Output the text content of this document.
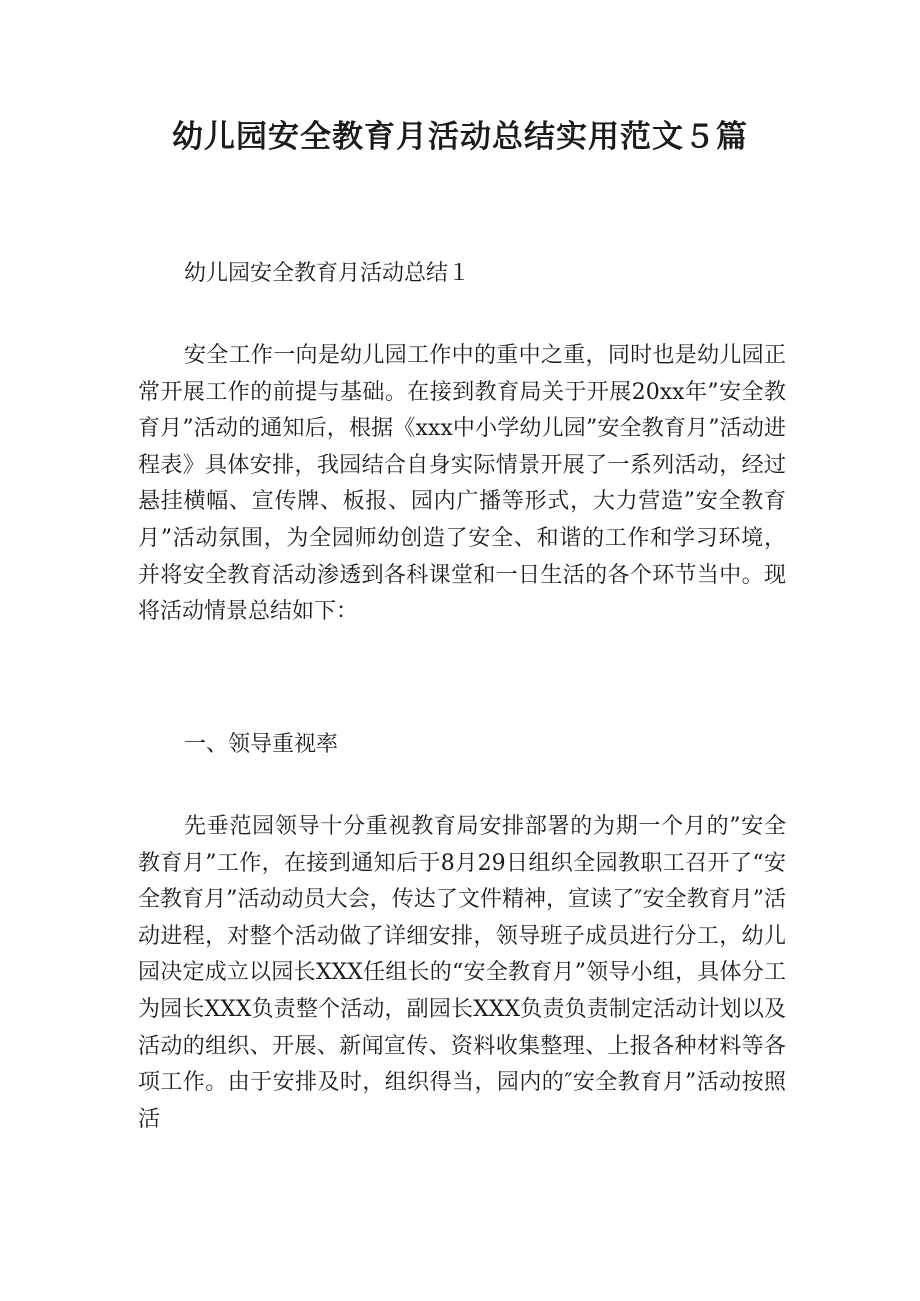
幼儿园安全教育月活动总结实用范文５篇

幼儿园安全教育月活动总结１

安全工作一向是幼儿园工作中的重中之重，同时也是幼儿园正常开展工作的前提与基础。在接到教育局关于开展20xx年”安全教育月”活动的通知后，根据《xxx中小学幼儿园”安全教育月”活动进程表》具体安排，我园结合自身实际情景开展了一系列活动，经过悬挂横幅、宣传牌、板报、园内广播等形式，大力营造”安全教育月”活动氛围，为全园师幼创造了安全、和谐的工作和学习环境，并将安全教育活动渗透到各科课堂和一日生活的各个环节当中。现将活动情景总结如下：

一、领导重视率

先垂范园领导十分重视教育局安排部署的为期一个月的”安全教育月”工作，在接到通知后于8月29日组织全园教职工召开了“安全教育月”活动动员大会，传达了文件精神，宣读了″安全教育月”活动进程，对整个活动做了详细安排，领导班子成员进行分工，幼儿园决定成立以园长XXX任组长的“安全教育月”领导小组，具体分工为园长XXX负责整个活动，副园长XXX负责负责制定活动计划以及活动的组织、开展、新闻宣传、资料收集整理、上报各种材料等各项工作。由于安排及时，组织得当，园内的″安全教育月”活动按照活
